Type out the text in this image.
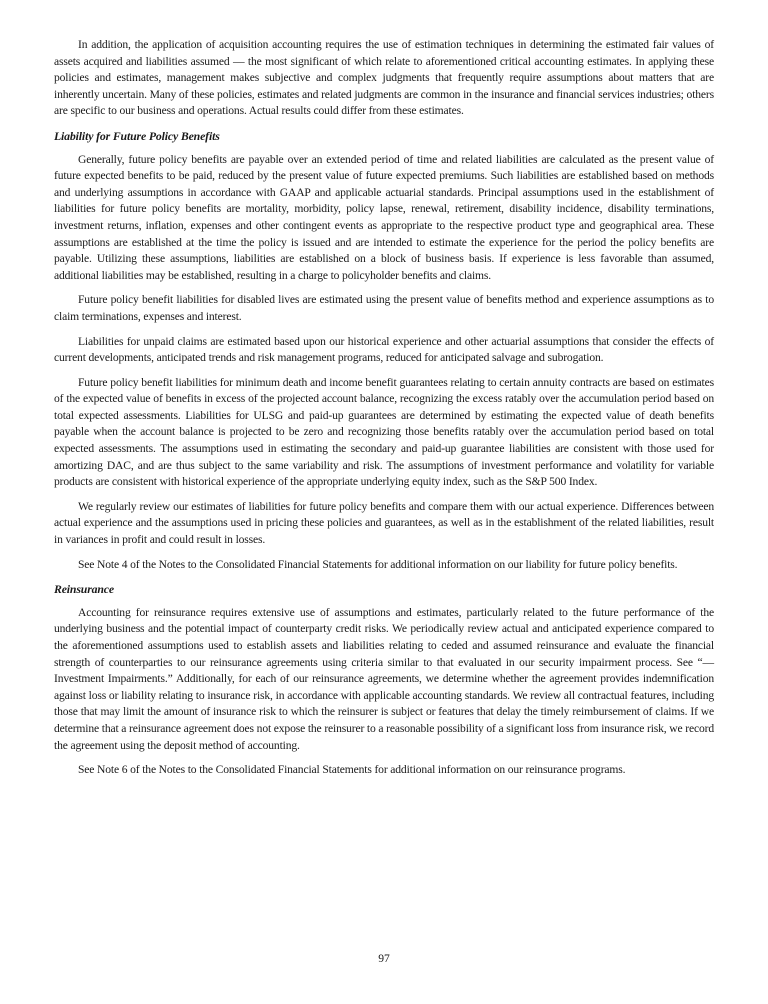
In addition, the application of acquisition accounting requires the use of estimation techniques in determining the estimated fair values of assets acquired and liabilities assumed — the most significant of which relate to aforementioned critical accounting estimates. In applying these policies and estimates, management makes subjective and complex judgments that frequently require assumptions about matters that are inherently uncertain. Many of these policies, estimates and related judgments are common in the insurance and financial services industries; others are specific to our business and operations. Actual results could differ from these estimates.

Liability for Future Policy Benefits

Generally, future policy benefits are payable over an extended period of time and related liabilities are calculated as the present value of future expected benefits to be paid, reduced by the present value of future expected premiums. Such liabilities are established based on methods and underlying assumptions in accordance with GAAP and applicable actuarial standards. Principal assumptions used in the establishment of liabilities for future policy benefits are mortality, morbidity, policy lapse, renewal, retirement, disability incidence, disability terminations, investment returns, inflation, expenses and other contingent events as appropriate to the respective product type and geographical area. These assumptions are established at the time the policy is issued and are intended to estimate the experience for the period the policy benefits are payable. Utilizing these assumptions, liabilities are established on a block of business basis. If experience is less favorable than assumed, additional liabilities may be established, resulting in a charge to policyholder benefits and claims.

Future policy benefit liabilities for disabled lives are estimated using the present value of benefits method and experience assumptions as to claim terminations, expenses and interest.

Liabilities for unpaid claims are estimated based upon our historical experience and other actuarial assumptions that consider the effects of current developments, anticipated trends and risk management programs, reduced for anticipated salvage and subrogation.

Future policy benefit liabilities for minimum death and income benefit guarantees relating to certain annuity contracts are based on estimates of the expected value of benefits in excess of the projected account balance, recognizing the excess ratably over the accumulation period based on total expected assessments. Liabilities for ULSG and paid-up guarantees are determined by estimating the expected value of death benefits payable when the account balance is projected to be zero and recognizing those benefits ratably over the accumulation period based on total expected assessments. The assumptions used in estimating the secondary and paid-up guarantee liabilities are consistent with those used for amortizing DAC, and are thus subject to the same variability and risk. The assumptions of investment performance and volatility for variable products are consistent with historical experience of the appropriate underlying equity index, such as the S&P 500 Index.

We regularly review our estimates of liabilities for future policy benefits and compare them with our actual experience. Differences between actual experience and the assumptions used in pricing these policies and guarantees, as well as in the establishment of the related liabilities, result in variances in profit and could result in losses.

See Note 4 of the Notes to the Consolidated Financial Statements for additional information on our liability for future policy benefits.

Reinsurance

Accounting for reinsurance requires extensive use of assumptions and estimates, particularly related to the future performance of the underlying business and the potential impact of counterparty credit risks. We periodically review actual and anticipated experience compared to the aforementioned assumptions used to establish assets and liabilities relating to ceded and assumed reinsurance and evaluate the financial strength of counterparties to our reinsurance agreements using criteria similar to that evaluated in our security impairment process. See “— Investment Impairments.” Additionally, for each of our reinsurance agreements, we determine whether the agreement provides indemnification against loss or liability relating to insurance risk, in accordance with applicable accounting standards. We review all contractual features, including those that may limit the amount of insurance risk to which the reinsurer is subject or features that delay the timely reimbursement of claims. If we determine that a reinsurance agreement does not expose the reinsurer to a reasonable possibility of a significant loss from insurance risk, we record the agreement using the deposit method of accounting.

See Note 6 of the Notes to the Consolidated Financial Statements for additional information on our reinsurance programs.

97
